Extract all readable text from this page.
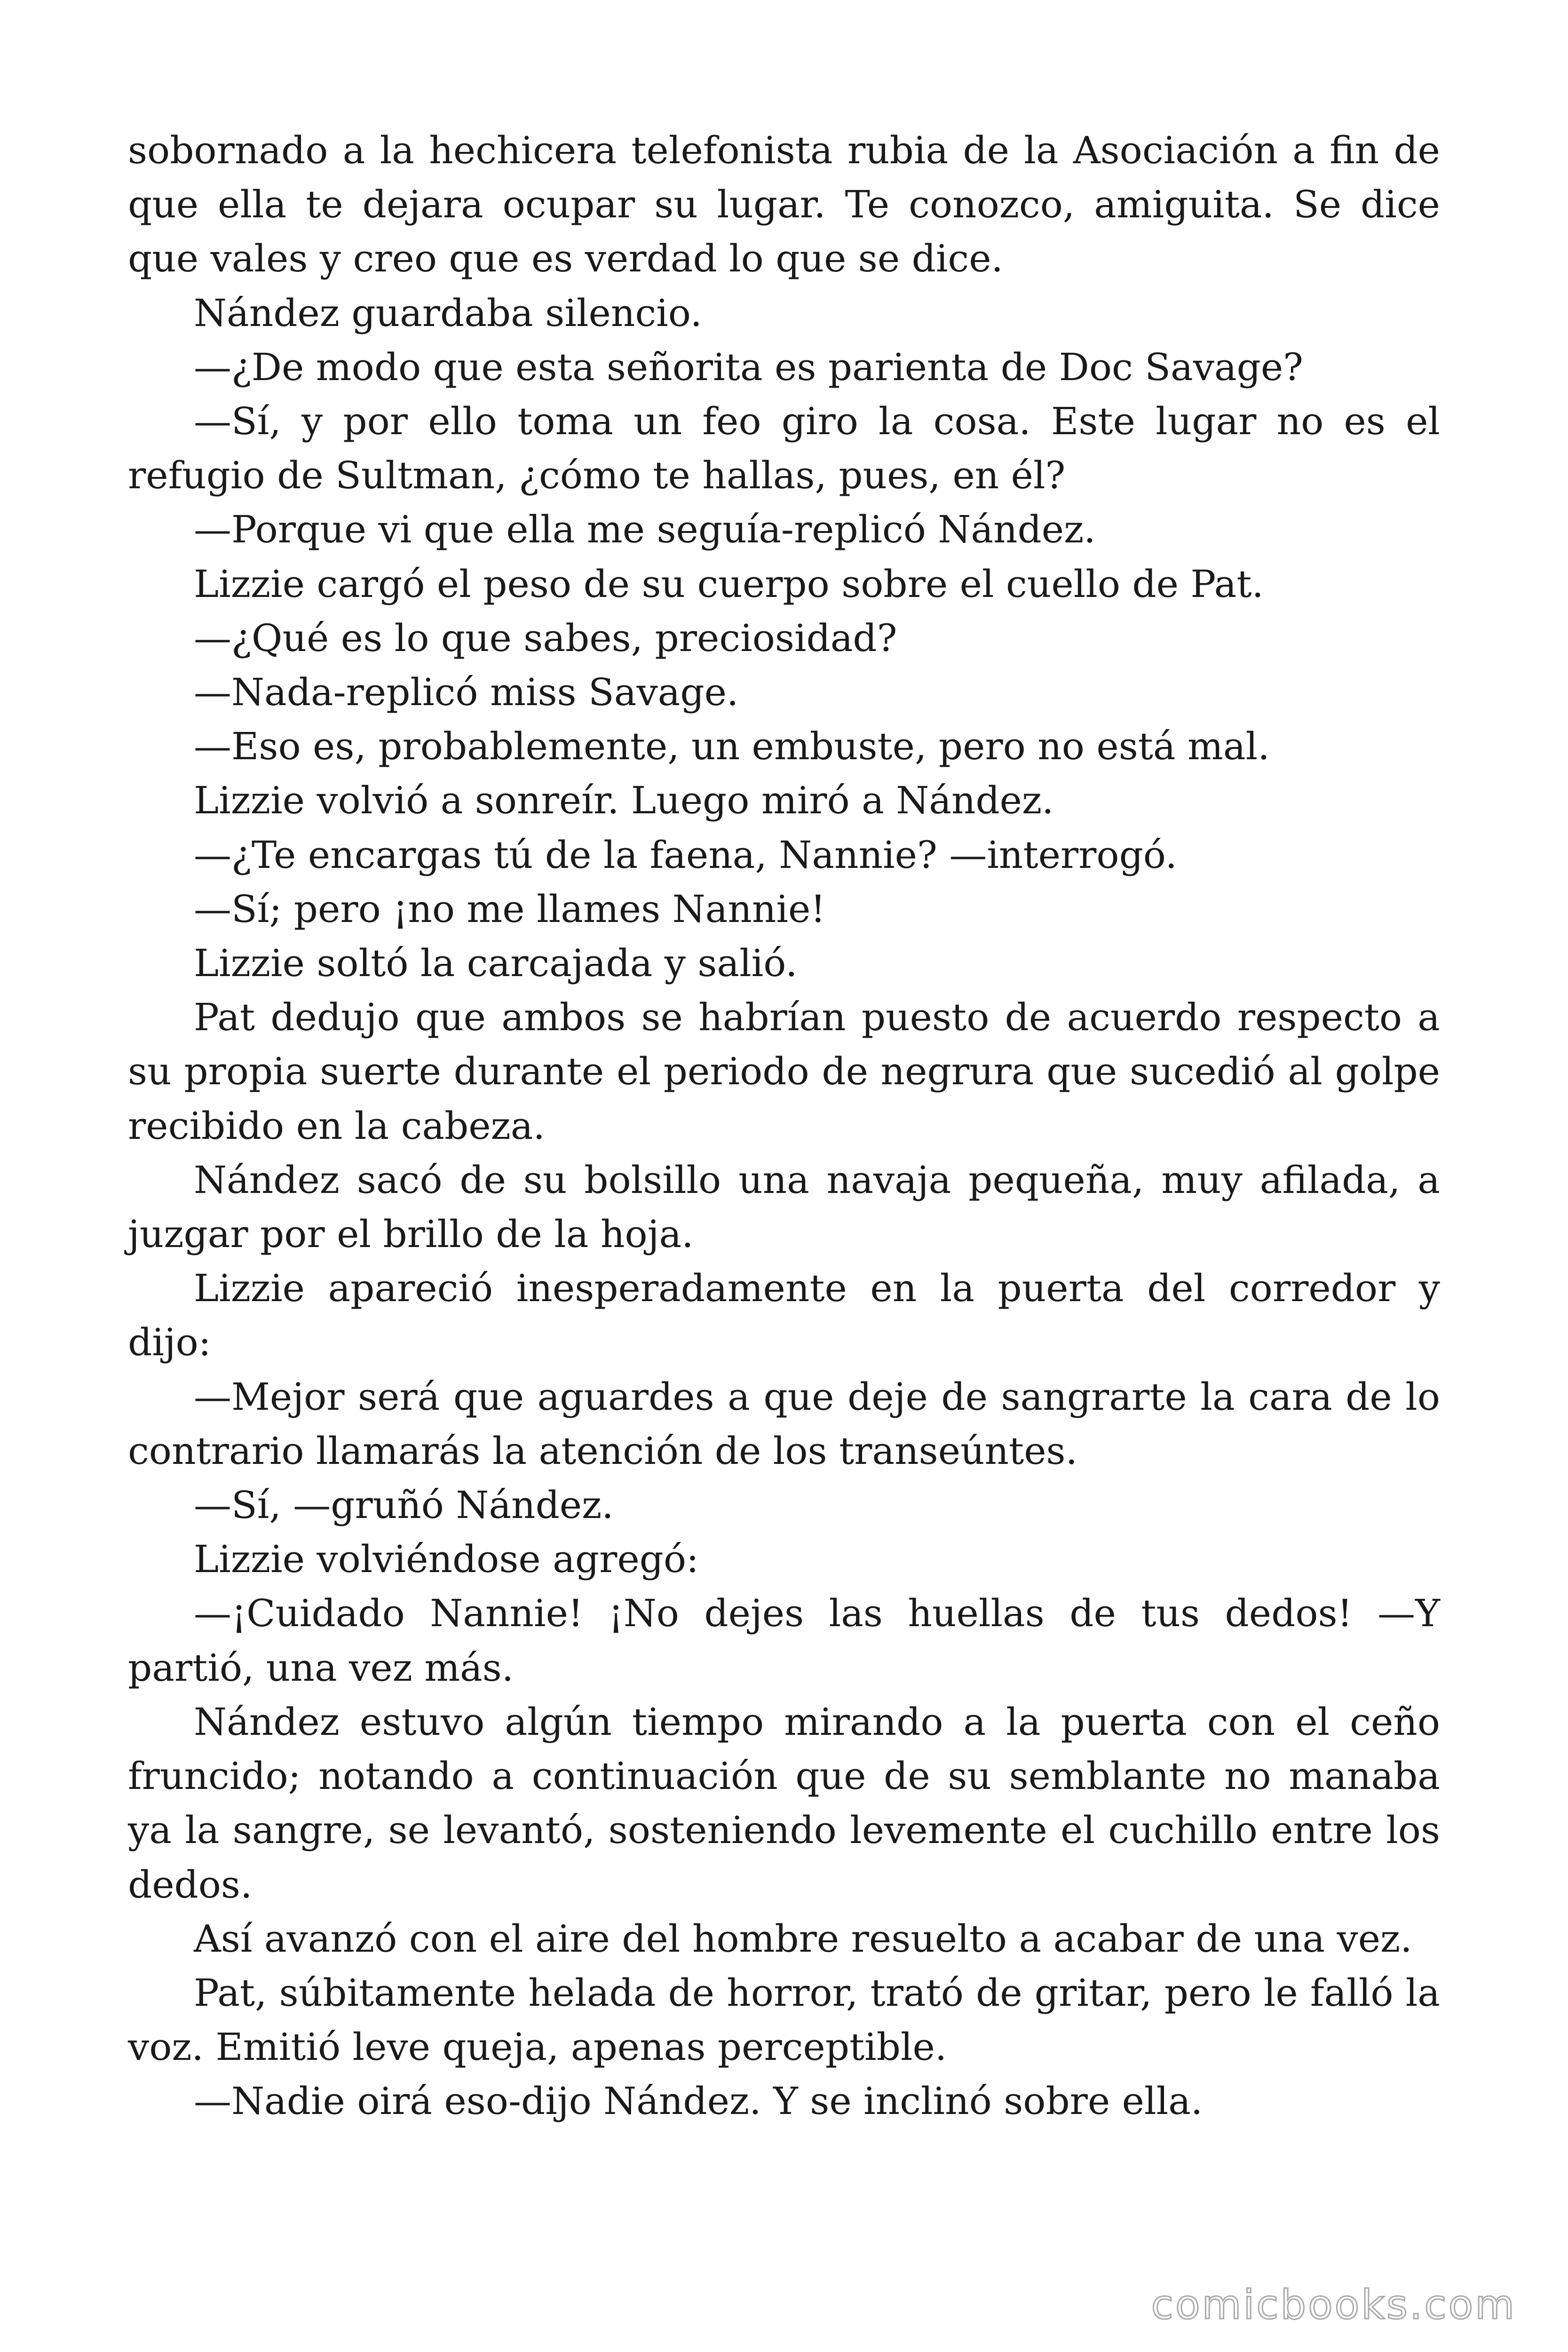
sobornado a la hechicera telefonista rubia de la Asociación a fin de que ella te dejara ocupar su lugar. Te conozco, amiguita. Se dice que vales y creo que es verdad lo que se dice.

Nández guardaba silencio.

—¿De modo que esta señorita es parienta de Doc Savage?

—Sí, y por ello toma un feo giro la cosa. Este lugar no es el refugio de Sultman, ¿cómo te hallas, pues, en él?

—Porque vi que ella me seguía-replicó Nández.

Lizzie cargó el peso de su cuerpo sobre el cuello de Pat.

—¿Qué es lo que sabes, preciosidad?

—Nada-replicó miss Savage.

—Eso es, probablemente, un embuste, pero no está mal.

Lizzie volvió a sonreír. Luego miró a Nández.

—¿Te encargas tú de la faena, Nannie? —interrogó.

—Sí; pero ¡no me llames Nannie!

Lizzie soltó la carcajada y salió.

Pat dedujo que ambos se habrían puesto de acuerdo respecto a su propia suerte durante el periodo de negrura que sucedió al golpe recibido en la cabeza.

Nández sacó de su bolsillo una navaja pequeña, muy afilada, a juzgar por el brillo de la hoja.

Lizzie apareció inesperadamente en la puerta del corredor y dijo:

—Mejor será que aguardes a que deje de sangrarte la cara de lo contrario llamarás la atención de los transeúntes.

—Sí, —gruñó Nández.

Lizzie volviéndose agregó:

—¡Cuidado Nannie! ¡No dejes las huellas de tus dedos! —Y partió, una vez más.

Nández estuvo algún tiempo mirando a la puerta con el ceño fruncido; notando a continuación que de su semblante no manaba ya la sangre, se levantó, sosteniendo levemente el cuchillo entre los dedos.

Así avanzó con el aire del hombre resuelto a acabar de una vez.

Pat, súbitamente helada de horror, trató de gritar, pero le falló la voz. Emitió leve queja, apenas perceptible.

—Nadie oirá eso-dijo Nández. Y se inclinó sobre ella.

comicbooks.com
